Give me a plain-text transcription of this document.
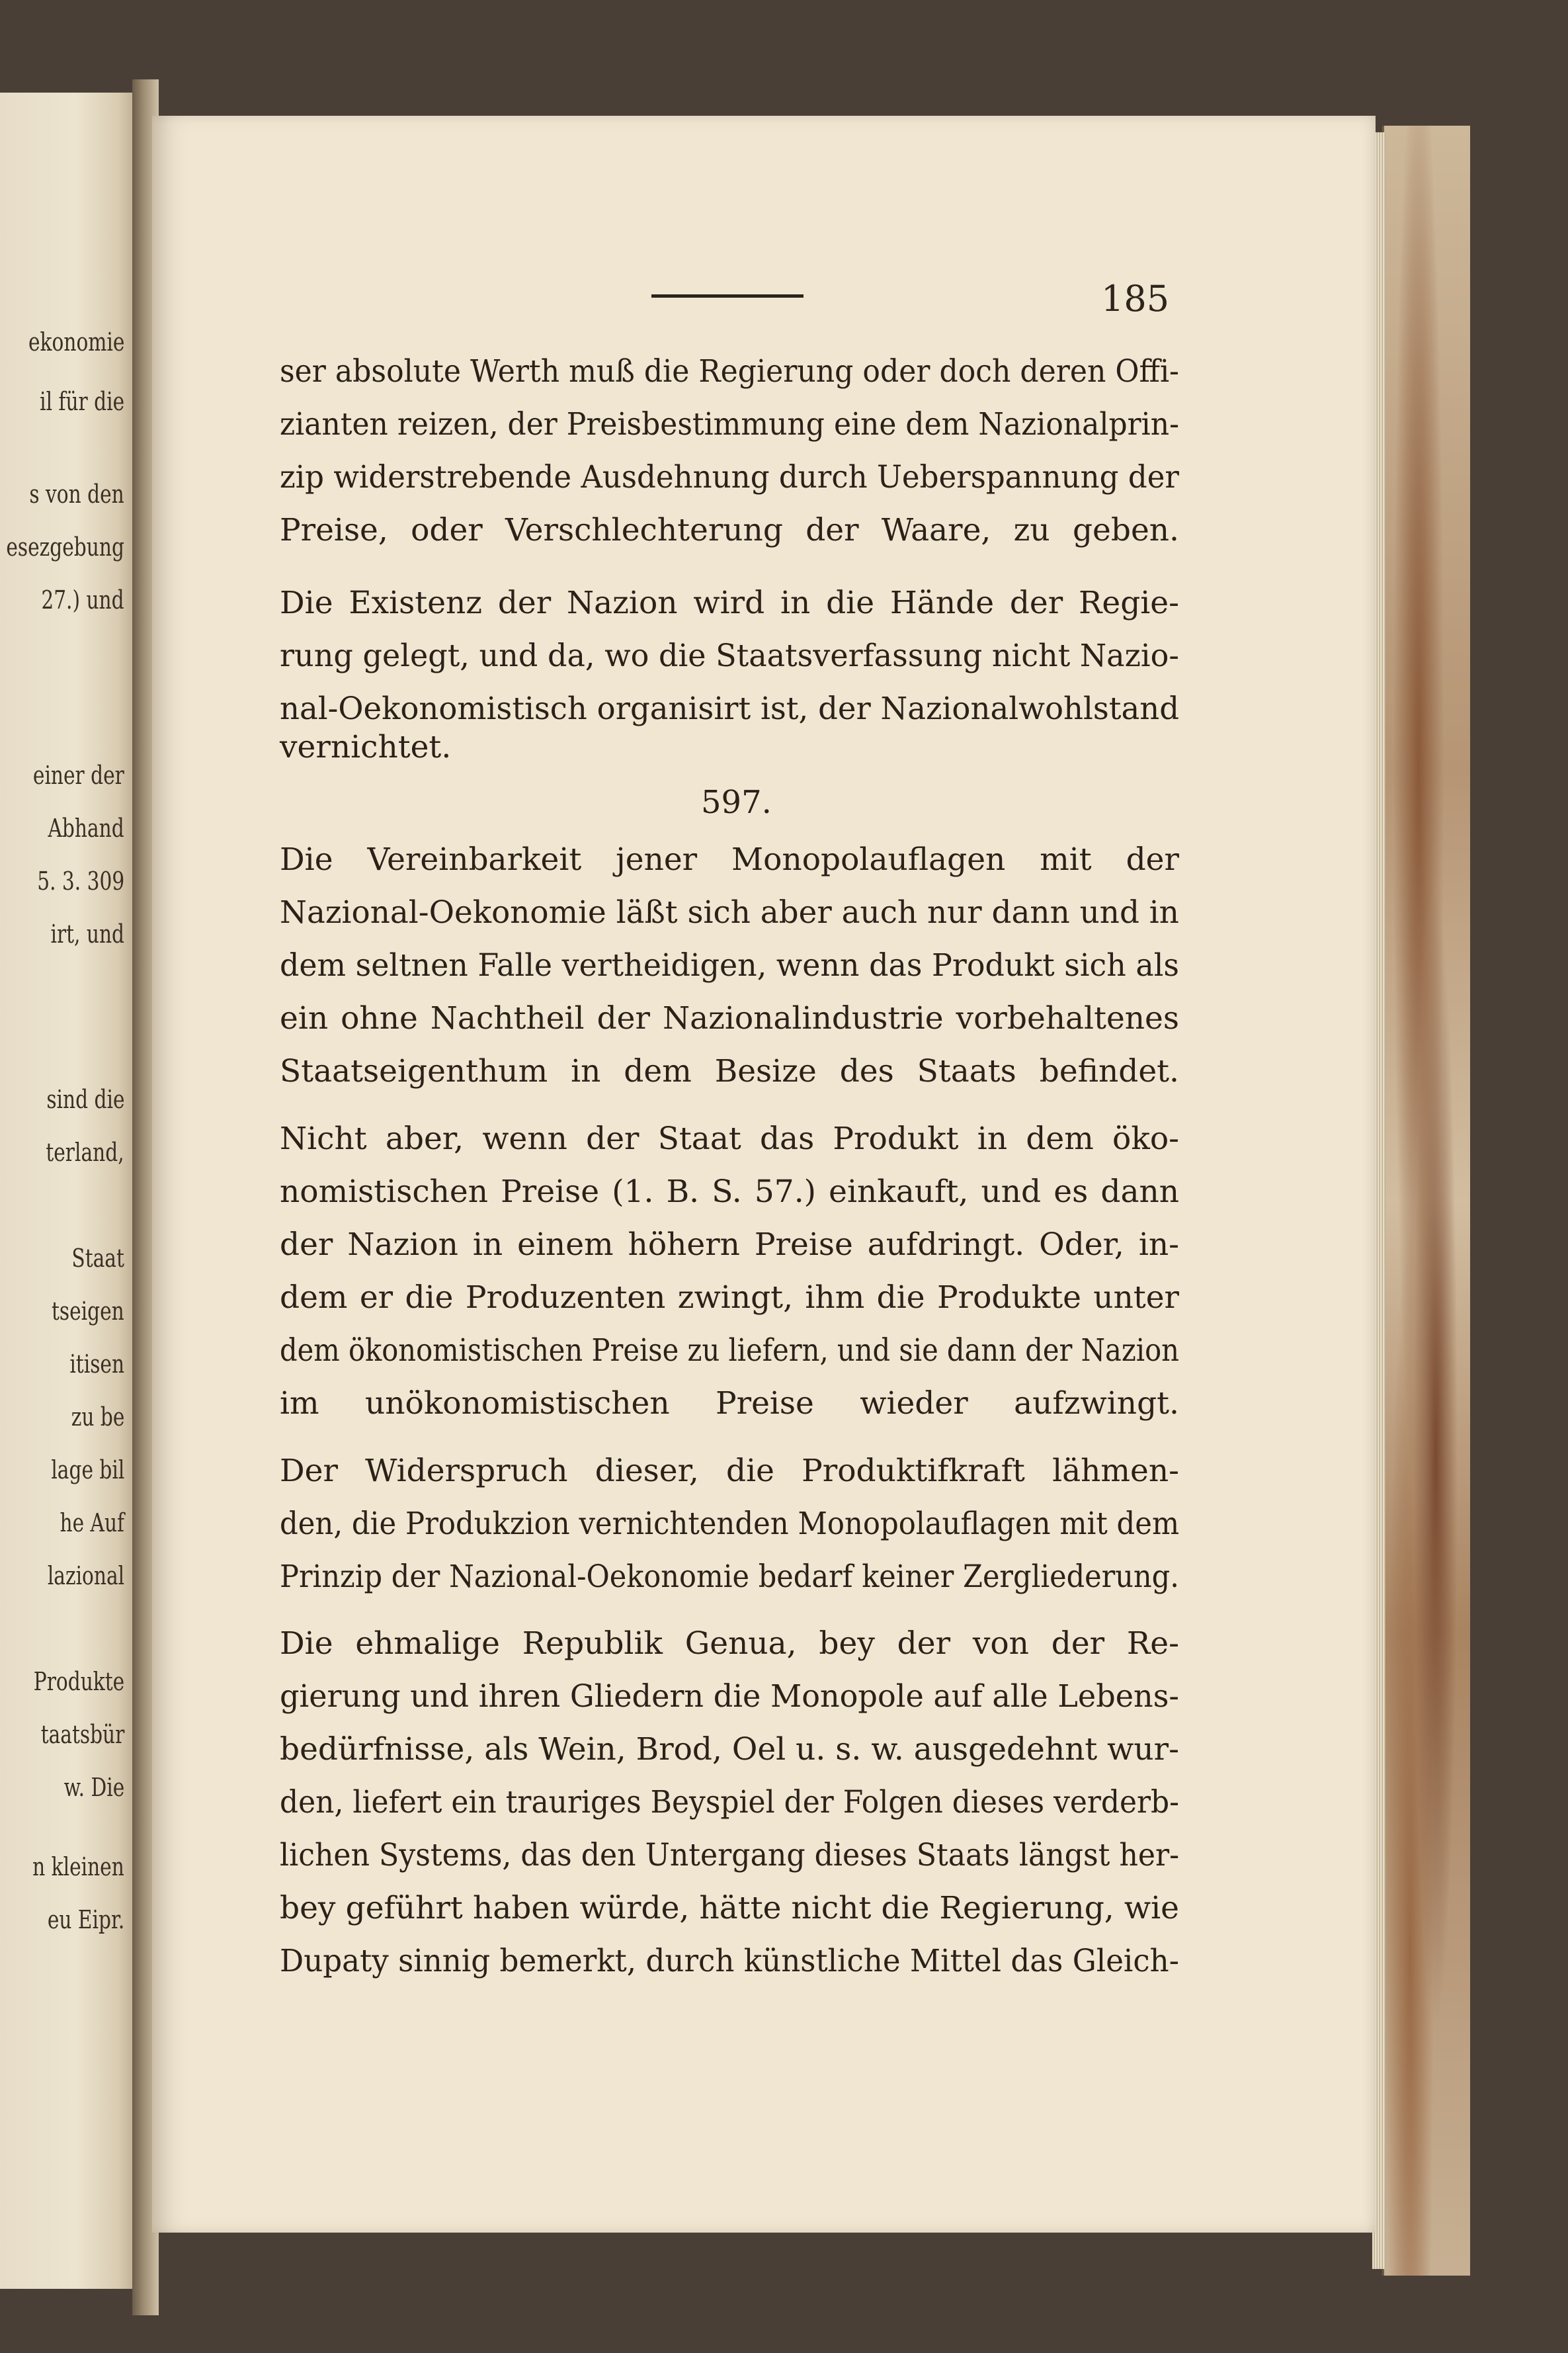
ekonomie
il für die
s von den
esezgebung
27.) und
einer der
Abhand
5. 3. 309
irt, und
sind die
terland,
Staat
tseigen
itisen
zu be
lage bil
he Auf
lazional
Produkte
taatsbür
w. Die
n kleinen
eu Eipr.
185
597.
ser absolute Werth muß die Regierung oder doch deren Offi-
zianten reizen, der Preisbestimmung eine dem Nazionalprin-
zip widerstrebende Ausdehnung durch Ueberspannung der
Preise, oder Verschlechterung der Waare, zu geben.
Die Existenz der Nazion wird in die Hände der Regie-
rung gelegt, und da, wo die Staatsverfassung nicht Nazio-
nal-Oekonomistisch organisirt ist, der Nazionalwohlstand
vernichtet.
Die Vereinbarkeit jener Monopolauflagen mit der
Nazional-Oekonomie läßt sich aber auch nur dann und in
dem seltnen Falle vertheidigen, wenn das Produkt sich als
ein ohne Nachtheil der Nazionalindustrie vorbehaltenes
Staatseigenthum in dem Besize des Staats befindet.
Nicht aber, wenn der Staat das Produkt in dem öko-
nomistischen Preise (1. B. S. 57.) einkauft, und es dann
der Nazion in einem höhern Preise aufdringt. Oder, in-
dem er die Produzenten zwingt, ihm die Produkte unter
dem ökonomistischen Preise zu liefern, und sie dann der Nazion
im unökonomistischen Preise wieder aufzwingt.
Der Widerspruch dieser, die Produktifkraft lähmen-
den, die Produkzion vernichtenden Monopolauflagen mit dem
Prinzip der Nazional-Oekonomie bedarf keiner Zergliederung.
Die ehmalige Republik Genua, bey der von der Re-
gierung und ihren Gliedern die Monopole auf alle Lebens-
bedürfnisse, als Wein, Brod, Oel u. s. w. ausgedehnt wur-
den, liefert ein trauriges Beyspiel der Folgen dieses verderb-
lichen Systems, das den Untergang dieses Staats längst her-
bey geführt haben würde, hätte nicht die Regierung, wie
Dupaty sinnig bemerkt, durch künstliche Mittel das Gleich-
